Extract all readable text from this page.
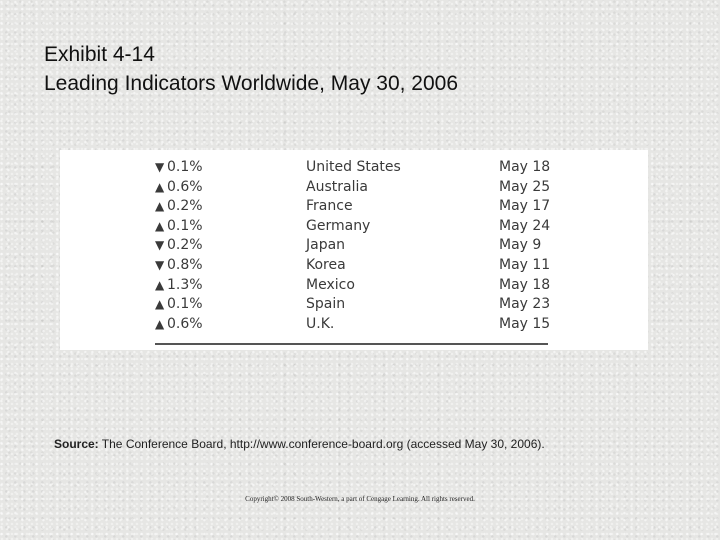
Exhibit 4-14
Leading Indicators Worldwide, May 30, 2006
▼ 0.1%	United States	May 18
▲ 0.6%	Australia	May 25
▲ 0.2%	France	May 17
▲ 0.1%	Germany	May 24
▼ 0.2%	Japan	May 9
▼ 0.8%	Korea	May 11
▲ 1.3%	Mexico	May 18
▲ 0.1%	Spain	May 23
▲ 0.6%	U.K.	May 15
Source: The Conference Board, http://www.conference-board.org (accessed May 30, 2006).
Copyright© 2008 South-Western, a part of Cengage Learning. All rights reserved.
